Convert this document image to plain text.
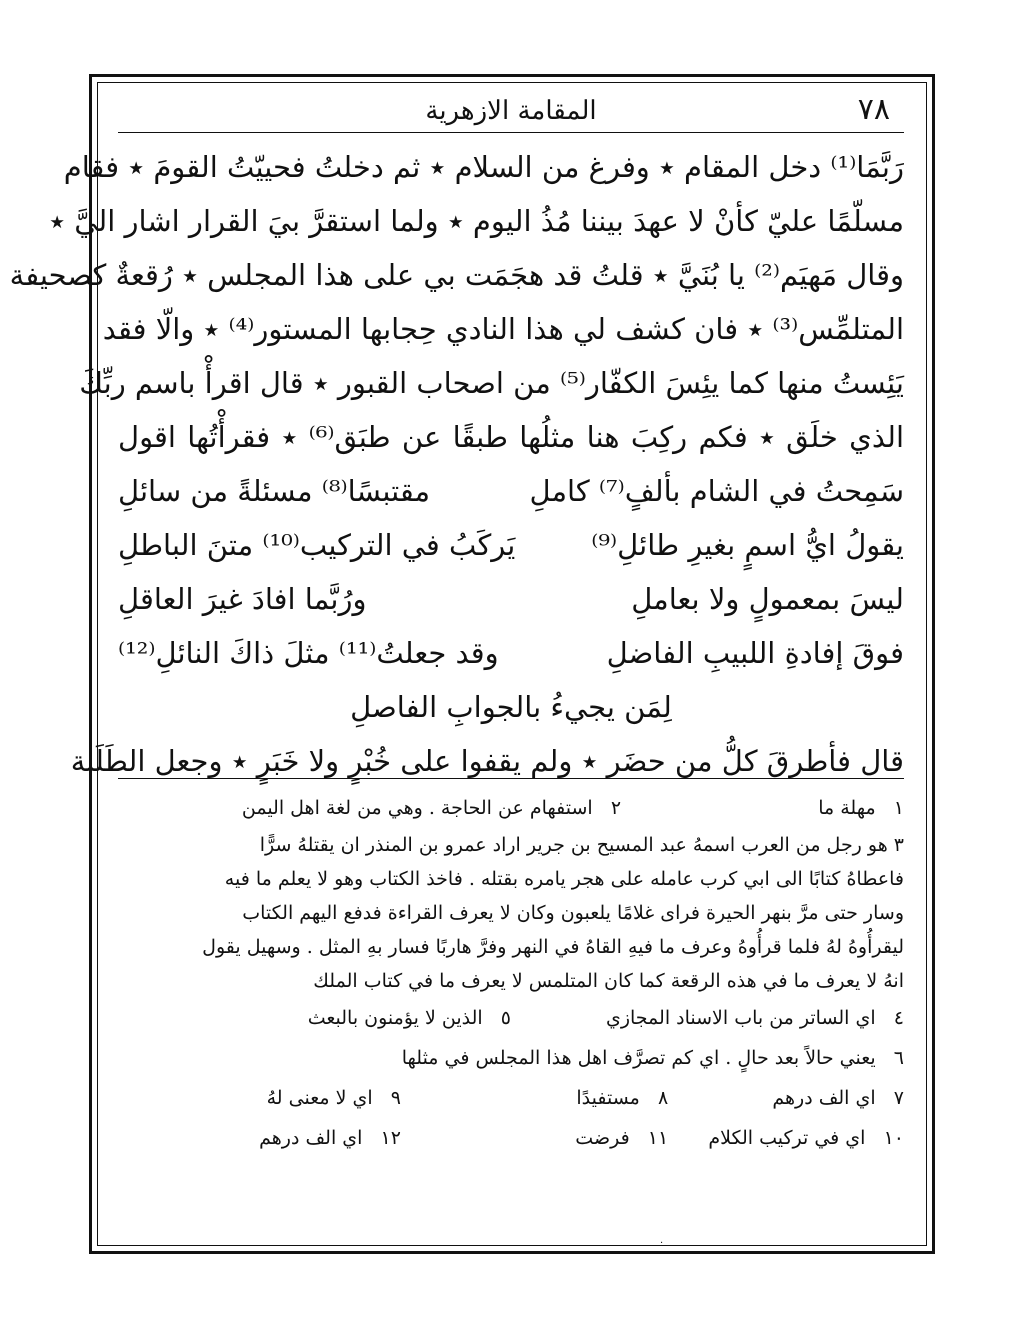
٧٨
المقامة الازهرية
رَبَّمَا⁽¹⁾ دخل المقام ٭ وفرغ من السلام ٭ ثم دخلتُ فحييّتُ القومَ ٭ فقام
مسلّمًا عليّ كأنْ لا عهدَ بيننا مُذُ اليوم ٭ ولما استقرَّ بيَ القرار اشار اليَّ ٭
وقال مَهيَم⁽²⁾ يا بُنَيَّ ٭ قلتُ قد هجَمَت بي على هذا المجلس ٭ رُقعةٌ كصحيفة
المتلمِّس⁽³⁾ ٭ فان كشف لي هذا النادي حِجابها المستور⁽⁴⁾ ٭ والّا فقد
يَئِستُ منها كما يئِسَ الكفّار⁽⁵⁾ من اصحاب القبور ٭ قال اقرأْ باسم ربِّكَ
الذي خلَق ٭ فكم ركِبَ هنا مثلُها طبقًا عن طبَق⁽⁶⁾ ٭ فقرأْتُها اقول
سَمِحتُ في الشام بألفٍ⁽⁷⁾ كاملِ
مقتبسًا⁽⁸⁾ مسئلةً من سائلِ
يقولُ ايُّ اسمٍ بغيرِ طائلِ⁽⁹⁾
يَركَبُ في التركيب⁽¹⁰⁾ متنَ الباطلِ
ليسَ بمعمولٍ ولا بعاملِ
ورُبَّما افادَ غيرَ العاقلِ
فوقَ إفادةِ اللبيبِ الفاضلِ
وقد جعلتُ⁽¹¹⁾ مثلَ ذاكَ النائلِ⁽¹²⁾
لِمَن يجيءُ بالجوابِ الفاصلِ
قال فأطرقَ كلُّ من حضَر ٭ ولم يقفوا على خُبْرٍ ولا خَبَرٍ ٭ وجعل الطَلَبة
١   مهلة ما
٢   استفهام عن الحاجة . وهي من لغة اهل اليمن
٣ هو رجل من العرب اسمهُ عبد المسيح بن جرير اراد عمرو بن المنذر ان يقتلهُ سرًّا
فاعطاهُ كتابًا الى ابي كرب عامله على هجر يامره بقتله . فاخذ الكتاب وهو لا يعلم ما فيه
وسار حتى مرَّ بنهر الحيرة فراى غلامًا يلعبون وكان لا يعرف القراءة فدفع اليهم الكتاب
ليقرأُوهُ لهُ فلما قرأُوهُ وعرف ما فيهِ القاهُ في النهر وفرَّ هاربًا فسار بهِ المثل . وسهيل يقول
انهُ لا يعرف ما في هذه الرقعة كما كان المتلمس لا يعرف ما في كتاب الملك
٤   اي الساتر من باب الاسناد المجازي
٥   الذين لا يؤمنون بالبعث
٦   يعني حالاً بعد حالٍ . اي كم تصرَّف اهل هذا المجلس في مثلها
٧   اي الف درهم
٨   مستفيدًا
٩   اي لا معنى لهُ
١٠   اي في تركيب الكلام
١١   فرضت
١٢   اي الف درهم
·
